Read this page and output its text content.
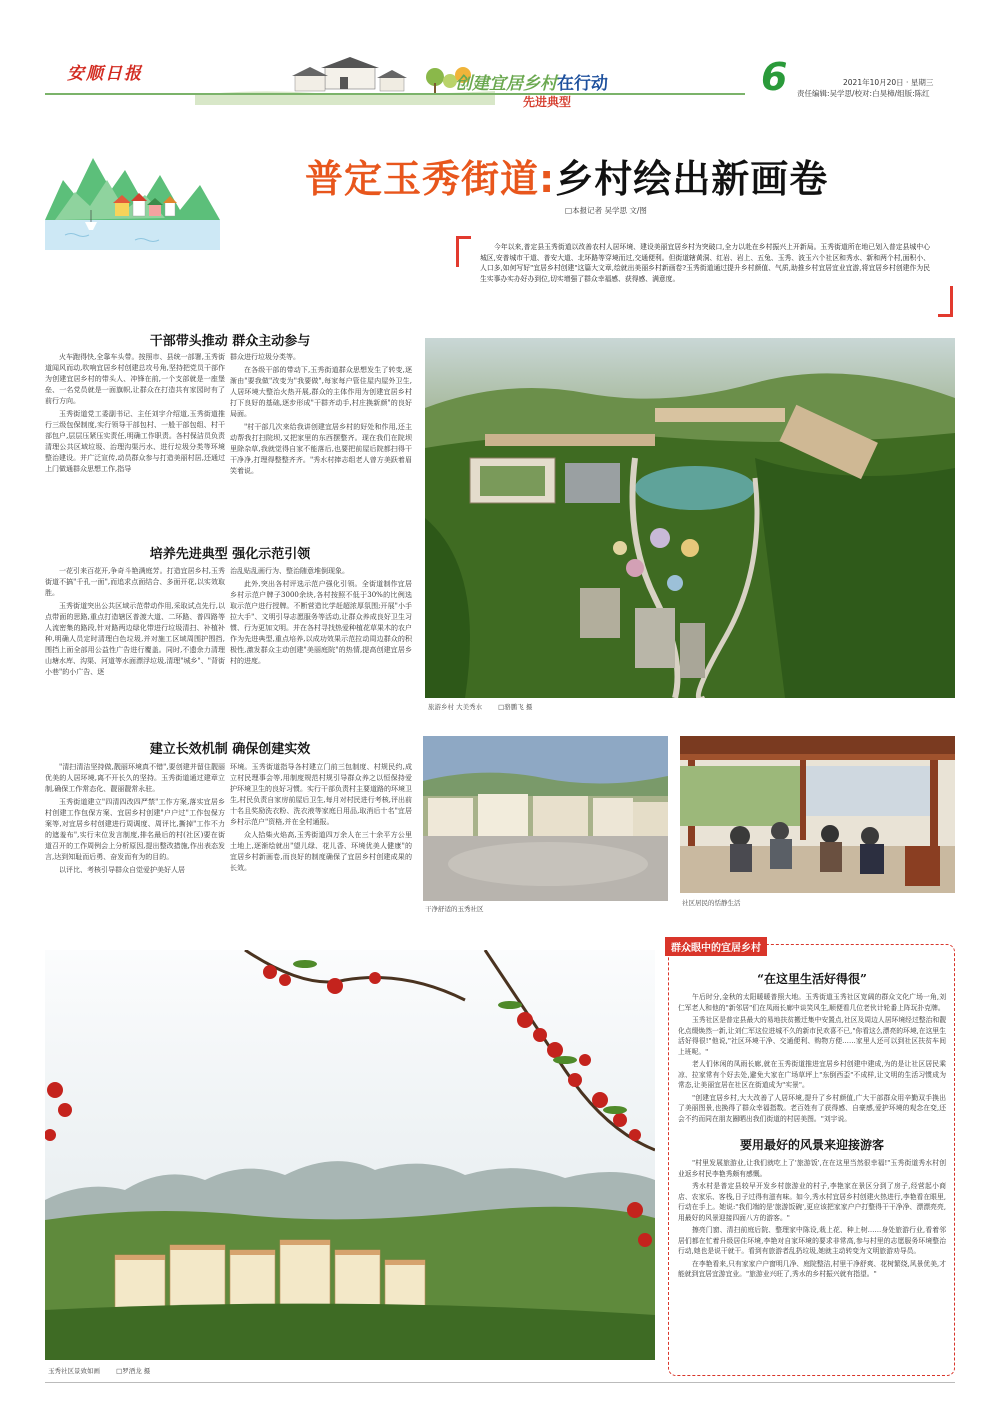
安顺日报	创建宜居乡村在行动
先进典型
6	2021年10月20日 · 星期三
责任编辑:吴学思/校对:白昊樟/组版:陈红
普定玉秀街道:乡村绘出新画卷
□本报记者 吴学思 文/图

今年以来,普定县玉秀街道以改善农村人居环境、建设美丽宜居乡村为突破口,全力以赴在乡村振兴上开新局。玉秀街道所在地已划入普定县城中心城区,安普城市干道、普安大道、北环路等穿境而过,交通便利。但街道辖黄洞、红岩、岩上、五兔、玉秀、波玉六个社区和秀水、新和两个村,面积小、人口多,如何写好"宜居乡村创建"这篇大文章,绘就出美丽乡村新画卷?玉秀街道通过提升乡村颜值、气质,助推乡村宜居宜业宜游,将宜居乡村创建作为民生实事办实办好办到位,切实增强了群众幸福感、获得感、满意度。

干部带头推动 群众主动参与

火车跑得快,全靠车头带。按照市、县统一部署,玉秀街道闻风而动,吹响宜居乡村创建总攻号角,坚持把党员干部作为创建宜居乡村的带头人、冲锋在前,一个支部就是一座堡垒、一名党员就是一面旗帜,让群众在打造共有家园时有了前行方向。

玉秀街道党工委副书记、主任刘宇介绍道,玉秀街道推行三级包保制度,实行领导干部包村、一般干部包组、村干部包户,层层压紧压实责任,明确工作职责。各村保洁员负责清理公共区域垃圾、治理沟渠污水、进行垃圾分类等环境整治建设。并广泛宣传,动员群众参与打造美丽村居,还通过上门做通群众思想工作,指导

群众进行垃圾分类等。

在各级干部的带动下,玉秀街道群众思想发生了转变,逐渐由"要我做"改变为"我要做",每家每户管住屋内屋外卫生,人居环境大整治火热开展,群众的主体作用为创建宜居乡村打下良好的基础,逐步形成"干群齐动手,村庄换新颜"的良好局面。

"村干部几次来给我讲创建宜居乡村的好处和作用,还主动帮我打扫院坝,又把家里的东西摆整齐。现在我们在院坝里除杂草,我就觉得自家不能落后,也要把前屋后院都扫得干干净净,打理得整整齐齐。"秀水村捧志组老人曾方美跃着眉笑着说。

培养先进典型 强化示范引领

一花引来百花开,争奇斗艳满庭芳。打造宜居乡村,玉秀街道不搞"千孔一面",而追求点面结合、多面开花,以实效取胜。

玉秀街道突出公共区域示范带动作用,采取试点先行,以点带面的思路,重点打造辖区普渡大道、二环路、普四路等人流密集的路段,针对路两边绿化带进行垃圾清扫、补植补种,明确人员定时清理白色垃圾,并对施工区域周围护围挡,围挡上面全部用公益性广告进行覆盖。同时,不遗余力清理山塘水库、沟渠、河道等水面漂浮垃圾,清理"城乡"、"背街小巷"的小广告、逐

治乱贴乱画行为、整治随意堆倒现象。

此外,突出各村评选示范户强化引领。全街道制作宜居乡村示范户牌子3000余块,各村按照不低于30%的比例选取示范户进行授牌。不断营造比学赶超浓厚氛围;开展"小手拉大手"、文明引导志愿服务等活动,让群众养成良好卫生习惯、行为更加文明。并在各村寻找热爱种植花草果木的农户作为先进典型,重点培养,以成功效果示范拉动周边群众的积极性,激发群众主动创建"美丽庭院"的热情,提高创建宜居乡村的进度。

建立长效机制 确保创建实效

"清扫清洁坚持做,靓丽环境真不错",要创建并留住靓丽优美的人居环境,离不开长久的坚持。玉秀街道通过建章立制,确保工作常态化、靓丽靓常永驻。

玉秀街道建立"四清四改四严禁"工作方案,落实宜居乡村创建工作包保方案、宜居乡村创建"户户过"工作包保方案等,对宜居乡村创建进行周调度、周评比,撕掉"工作不力的遮羞布",实行末位发言制度,排名最后的村(社区)要在街道召开的工作周例会上分析原因,提出整改措施,作出表态发言,达到知耻而后勇、奋发而有为的目的。

以评比、考核引导群众自觉爱护美好人居

环境。玉秀街道指导各村建立门前三包制度、村规民约,成立村民理事会等,用制度规范村规引导群众养之以恒保持爱护环境卫生的良好习惯。实行干部负责村主要道路的环境卫生,村民负责自家房前屋后卫生,每月对村民进行考核,评出前十名且奖励洗衣粉、洗衣液等家庭日用品,取消后十名"宜居乡村示范户"资格,并在全村通报。

众人拾柴火焰高,玉秀街道四万余人在三十余平方公里土地上,逐渐绘就出"望儿绿、花儿香、环境优美人健康"的宜居乡村新画卷,而良好的制度确保了宜居乡村创建成果的长效。

旅游乡村 大美秀水 □骆鹏飞 摄
干净舒适的玉秀社区
社区居民的恬静生活
玉秀社区景致如画 □罗酒龙 摄
群众眼中的宜居乡村
“在这里生活好得很”

午后时分,金秋的太阳暖暖普照大地。玉秀街道玉秀社区宽阔的群众文化广场一角,刘仁军老人和他的"新邻居"们在凤雨长廊中谈笑风生,顺便看几位老伙计轮番上阵玩扑克牌。

玉秀社区是普定县最大的易地扶贫搬迁集中安置点,社区及周边人居环境经过整治和靓化点缀焕然一新,让刘仁军这位进城不久的新市民欢喜不已,"你看这么漂亮的环境,在这里生活好得很!"他说,"社区环境干净、交通便利、购物方便……家里人还可以到社区扶贫车间上班呢。"

老人们休闲的凤雨长廊,就在玉秀街道推进宜居乡村创建中建成,为的是让社区居民乘凉、拉家常有个好去处,避免大家在广场草坪上"东倒西歪"不成样,让文明的生活习惯成为常态,让美丽宜居在社区在街道成为"实景"。

"创建宜居乡村,大大改善了人居环境,提升了乡村颜值,广大干部群众用辛勤双手换出了美丽图景,也换得了群众幸福指数。老百姓有了获得感、自豪感,爱护环境的观念在变,还会不约而同在朋友圈晒出我们街道的村居美图。"刘宇说。

要用最好的风景来迎接游客

"村里发展旅游业,让我们就吃上了'旅游饭',在在这里当然很幸福!"玉秀街道秀水村创业返乡村民李艳秀颇有感慨。

秀水村是普定县较早开发乡村旅游业的村子,李艳家在景区分到了房子,经营起小商店、农家乐、客栈,日子过得有滋有味。如今,秀水村宜居乡村创建火热进行,李艳看在眼里,行动在手上。她说:"我们端的是'旅游饭碗',更应该把家家户户打整得干干净净、漂漂亮亮,用最好的风景迎接四面八方的游客。"

擦亮门窗、清扫前庭后院、整理家中陈设,栽上花、种上树……身处旅游行业,看着邻居们都在忙着升级居住环境,李艳对自家环境的要求非常高,参与村里的志愿服务环境整治行动,她也是说干就干。看到有旅游者乱扔垃圾,她就主动转变为文明旅游劝导员。

在李艳看来,只有家家户户窗明几净、庭院整洁,村里干净舒爽、花树繁绕,风景优美,才能就到宜居宜游宜业。"旅游业兴旺了,秀水的乡村振兴就有指望。"
